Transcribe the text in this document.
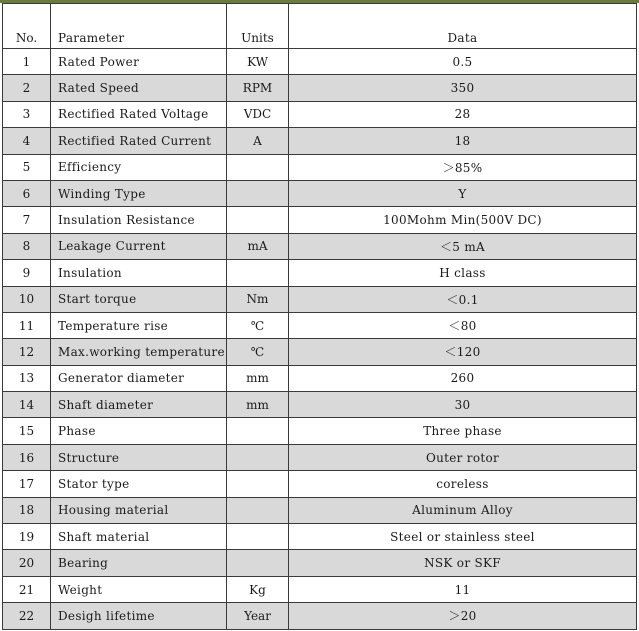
No.	Parameter	Units	Data
1	Rated Power	KW	0.5
2	Rated Speed	RPM	350
3	Rectified Rated Voltage	VDC	28
4	Rectified Rated Current	A	18
5	Efficiency		＞85%
6	Winding Type		Y
7	Insulation Resistance		100Mohm Min(500V DC)
8	Leakage Current	mA	＜5 mA
9	Insulation		H class
10	Start torque	Nm	＜0.1
11	Temperature rise	℃	＜80
12	Max.working temperature	℃	＜120
13	Generator diameter	mm	260
14	Shaft diameter	mm	30
15	Phase		Three phase
16	Structure		Outer rotor
17	Stator type		coreless
18	Housing material		Aluminum Alloy
19	Shaft material		Steel or stainless steel
20	Bearing		NSK or SKF
21	Weight	Kg	11
22	Desigh lifetime	Year	＞20
